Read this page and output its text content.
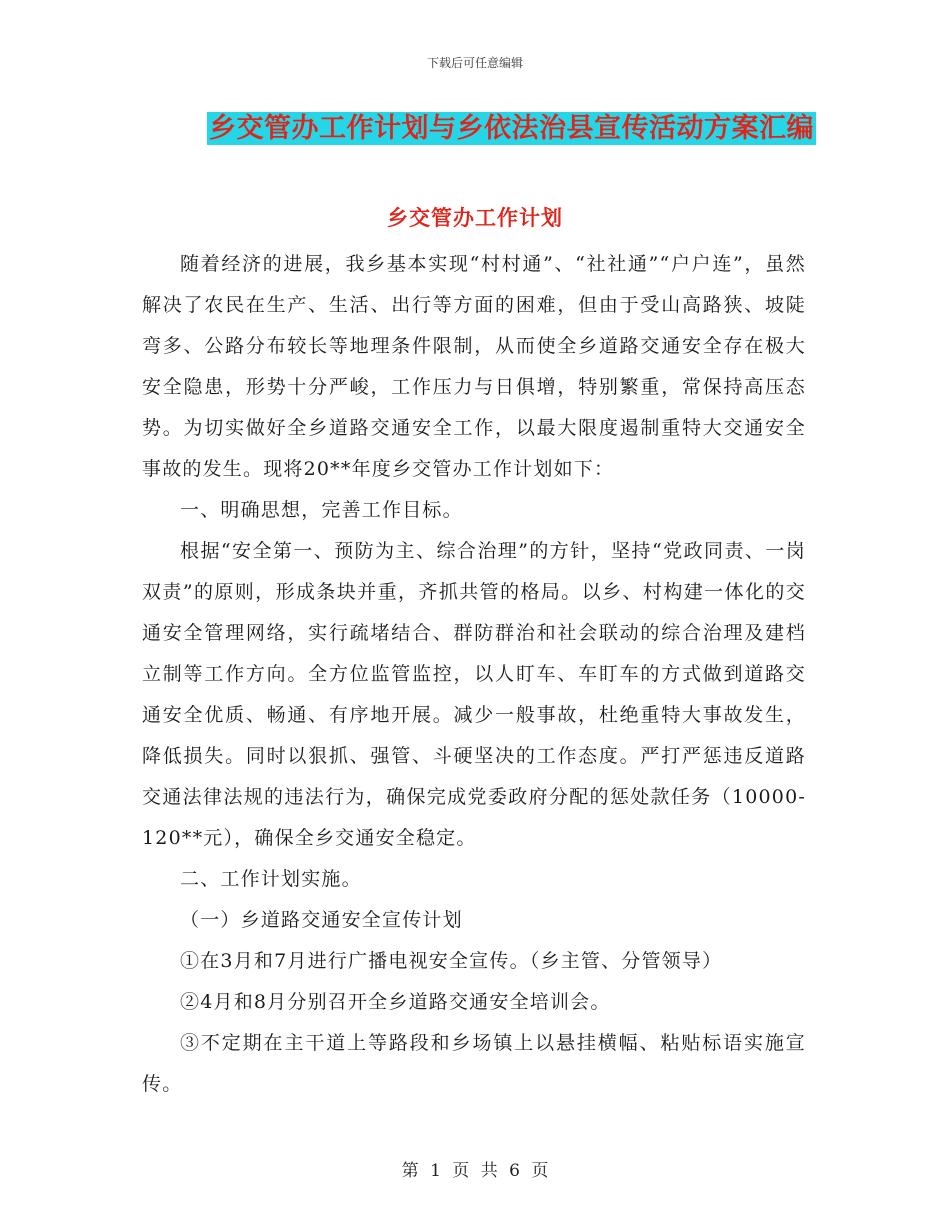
下载后可任意编辑
乡交管办工作计划与乡依法治县宣传活动方案汇编
乡交管办工作计划

随着经济的进展，我乡基本实现“村村通”、“社社通”“户户连”，虽然解决了农民在生产、生活、出行等方面的困难，但由于受山高路狭、坡陡弯多、公路分布较长等地理条件限制，从而使全乡道路交通安全存在极大安全隐患，形势十分严峻，工作压力与日俱增，特别繁重，常保持高压态势。为切实做好全乡道路交通安全工作，以最大限度遏制重特大交通安全事故的发生。现将20**年度乡交管办工作计划如下：

一、明确思想，完善工作目标。

根据“安全第一、预防为主、综合治理”的方针，坚持“党政同责、一岗双责”的原则，形成条块并重，齐抓共管的格局。以乡、村构建一体化的交通安全管理网络，实行疏堵结合、群防群治和社会联动的综合治理及建档立制等工作方向。全方位监管监控，以人盯车、车盯车的方式做到道路交通安全优质、畅通、有序地开展。减少一般事故，杜绝重特大事故发生，降低损失。同时以狠抓、强管、斗硬坚决的工作态度。严打严惩违反道路交通法律法规的违法行为，确保完成党委政府分配的惩处款任务（10000-120**元），确保全乡交通安全稳定。

二、工作计划实施。

（一）乡道路交通安全宣传计划

①在3月和7月进行广播电视安全宣传。（乡主管、分管领导）

②4月和8月分别召开全乡道路交通安全培训会。

③不定期在主干道上等路段和乡场镇上以悬挂横幅、粘贴标语实施宣传。

第 1 页 共 6 页
